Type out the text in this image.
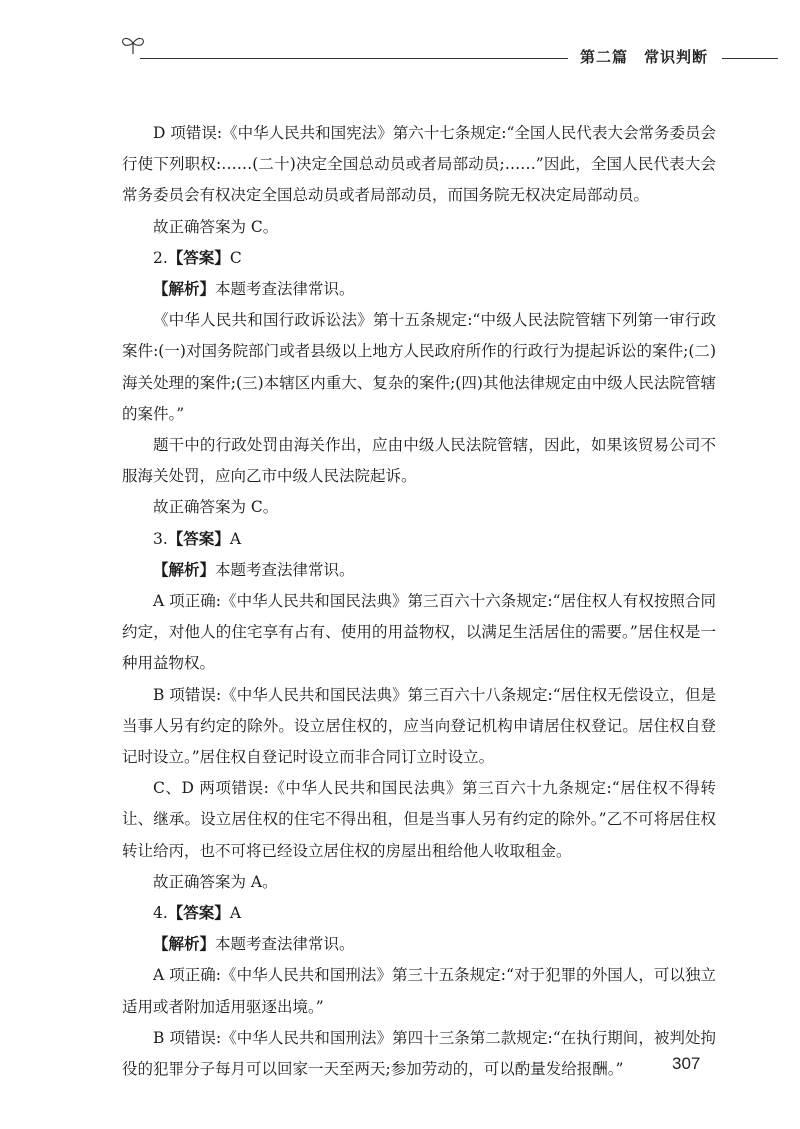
第二篇　常识判断

D 项错误:《中华人民共和国宪法》第六十七条规定:“全国人民代表大会常务委员会行使下列职权:……(二十)决定全国总动员或者局部动员;……”因此，全国人民代表大会常务委员会有权决定全国总动员或者局部动员，而国务院无权决定局部动员。

故正确答案为 C。

2.【答案】C

【解析】本题考查法律常识。

《中华人民共和国行政诉讼法》第十五条规定:“中级人民法院管辖下列第一审行政案件:(一)对国务院部门或者县级以上地方人民政府所作的行政行为提起诉讼的案件;(二)海关处理的案件;(三)本辖区内重大、复杂的案件;(四)其他法律规定由中级人民法院管辖的案件。”

题干中的行政处罚由海关作出，应由中级人民法院管辖，因此，如果该贸易公司不服海关处罚，应向乙市中级人民法院起诉。

故正确答案为 C。

3.【答案】A

【解析】本题考查法律常识。

A 项正确:《中华人民共和国民法典》第三百六十六条规定:“居住权人有权按照合同约定，对他人的住宅享有占有、使用的用益物权，以满足生活居住的需要。”居住权是一种用益物权。

B 项错误:《中华人民共和国民法典》第三百六十八条规定:“居住权无偿设立，但是当事人另有约定的除外。设立居住权的，应当向登记机构申请居住权登记。居住权自登记时设立。”居住权自登记时设立而非合同订立时设立。

C、D 两项错误:《中华人民共和国民法典》第三百六十九条规定:“居住权不得转让、继承。设立居住权的住宅不得出租，但是当事人另有约定的除外。”乙不可将居住权转让给丙，也不可将已经设立居住权的房屋出租给他人收取租金。

故正确答案为 A。

4.【答案】A

【解析】本题考查法律常识。

A 项正确:《中华人民共和国刑法》第三十五条规定:“对于犯罪的外国人，可以独立适用或者附加适用驱逐出境。”

B 项错误:《中华人民共和国刑法》第四十三条第二款规定:“在执行期间，被判处拘役的犯罪分子每月可以回家一天至两天;参加劳动的，可以酌量发给报酬。”	307
